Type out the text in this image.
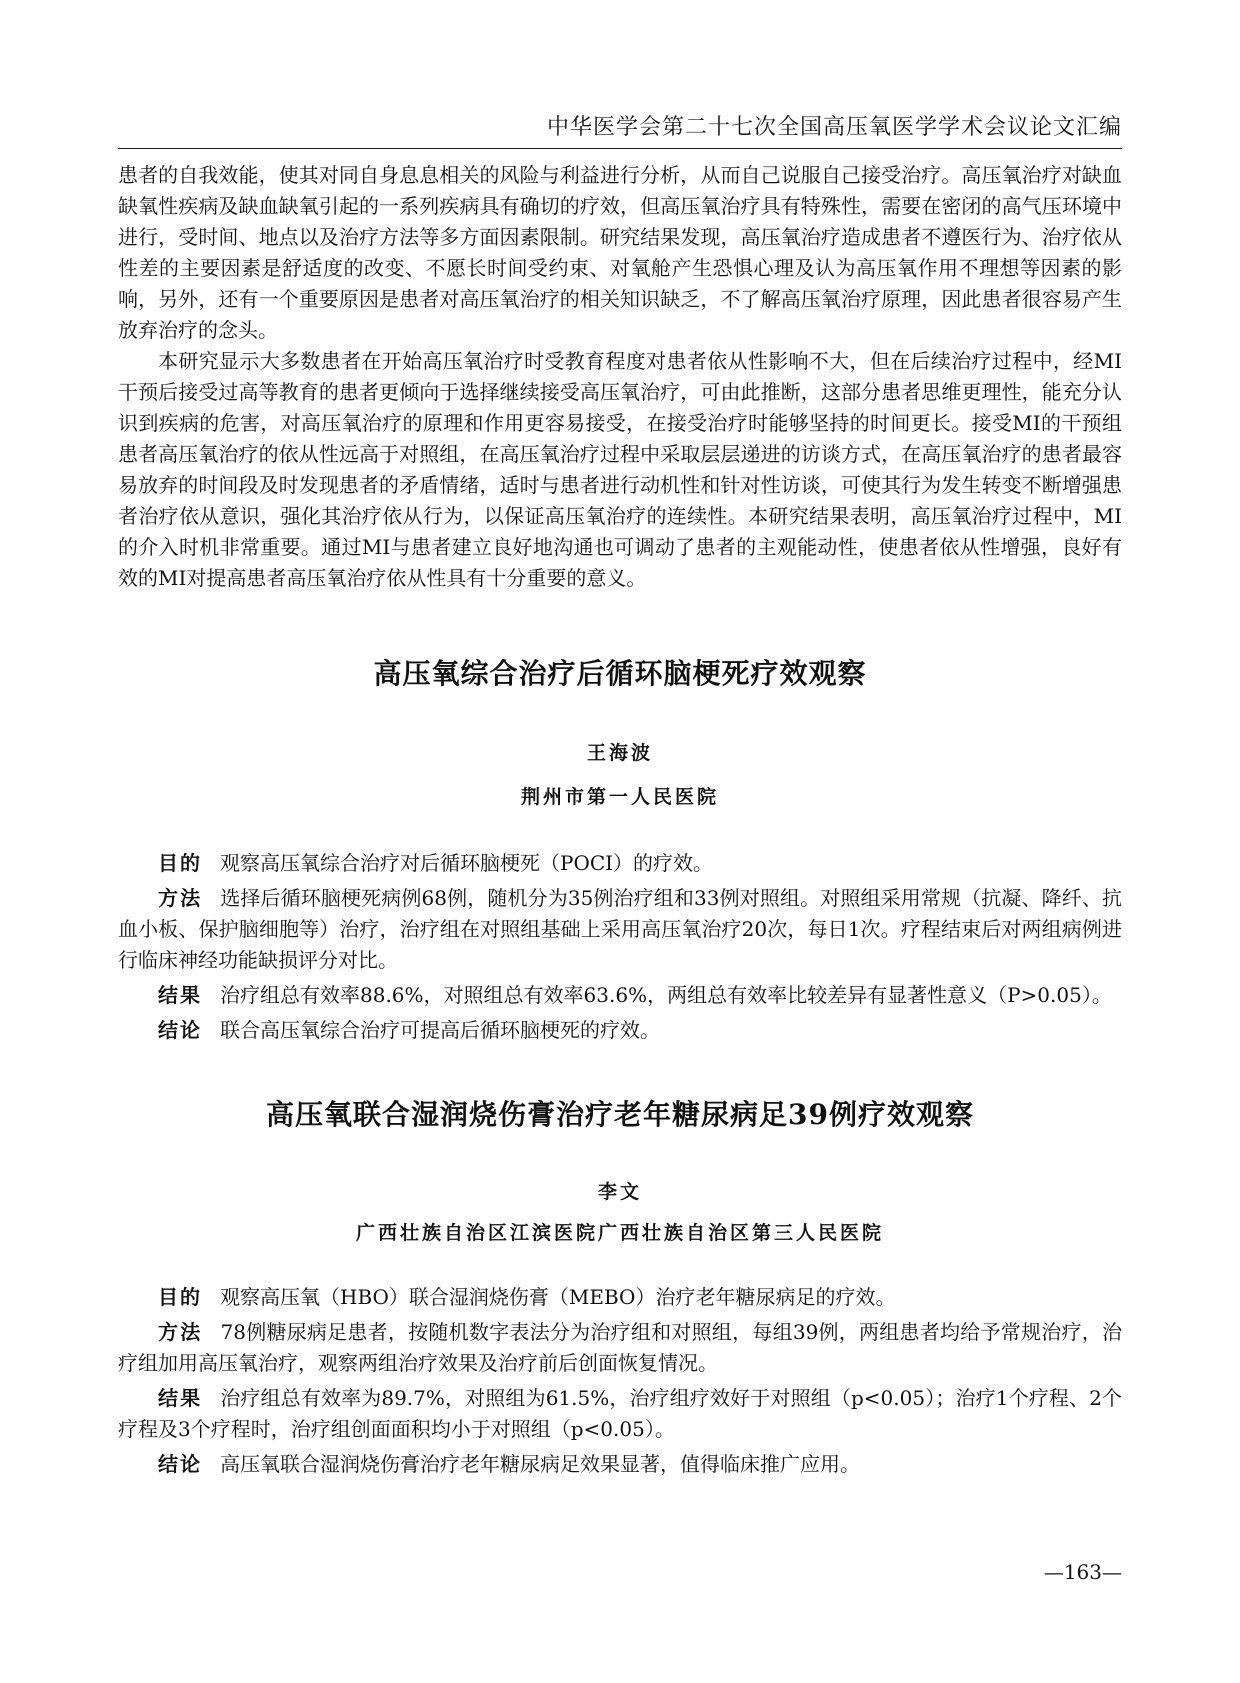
中华医学会第二十七次全国高压氧医学学术会议论文汇编

患者的自我效能，使其对同自身息息相关的风险与利益进行分析，从而自己说服自己接受治疗。高压氧治疗对缺血缺氧性疾病及缺血缺氧引起的一系列疾病具有确切的疗效，但高压氧治疗具有特殊性，需要在密闭的高气压环境中进行，受时间、地点以及治疗方法等多方面因素限制。研究结果发现，高压氧治疗造成患者不遵医行为、治疗依从性差的主要因素是舒适度的改变、不愿长时间受约束、对氧舱产生恐惧心理及认为高压氧作用不理想等因素的影响，另外，还有一个重要原因是患者对高压氧治疗的相关知识缺乏，不了解高压氧治疗原理，因此患者很容易产生放弃治疗的念头。

本研究显示大多数患者在开始高压氧治疗时受教育程度对患者依从性影响不大，但在后续治疗过程中，经MI干预后接受过高等教育的患者更倾向于选择继续接受高压氧治疗，可由此推断，这部分患者思维更理性，能充分认识到疾病的危害，对高压氧治疗的原理和作用更容易接受，在接受治疗时能够坚持的时间更长。接受MI的干预组患者高压氧治疗的依从性远高于对照组，在高压氧治疗过程中采取层层递进的访谈方式，在高压氧治疗的患者最容易放弃的时间段及时发现患者的矛盾情绪，适时与患者进行动机性和针对性访谈，可使其行为发生转变不断增强患者治疗依从意识，强化其治疗依从行为，以保证高压氧治疗的连续性。本研究结果表明，高压氧治疗过程中，MI的介入时机非常重要。通过MI与患者建立良好地沟通也可调动了患者的主观能动性，使患者依从性增强，良好有效的MI对提高患者高压氧治疗依从性具有十分重要的意义。

高压氧综合治疗后循环脑梗死疗效观察
王海波
荆州市第一人民医院

目的 观察高压氧综合治疗对后循环脑梗死（POCI）的疗效。

方法 选择后循环脑梗死病例68例，随机分为35例治疗组和33例对照组。对照组采用常规（抗凝、降纤、抗血小板、保护脑细胞等）治疗，治疗组在对照组基础上采用高压氧治疗20次，每日1次。疗程结束后对两组病例进行临床神经功能缺损评分对比。

结果 治疗组总有效率88.6%，对照组总有效率63.6%，两组总有效率比较差异有显著性意义（P>0.05）。

结论 联合高压氧综合治疗可提高后循环脑梗死的疗效。

高压氧联合湿润烧伤膏治疗老年糖尿病足39例疗效观察
李文
广西壮族自治区江滨医院广西壮族自治区第三人民医院

目的 观察高压氧（HBO）联合湿润烧伤膏（MEBO）治疗老年糖尿病足的疗效。

方法 78例糖尿病足患者，按随机数字表法分为治疗组和对照组，每组39例，两组患者均给予常规治疗，治疗组加用高压氧治疗，观察两组治疗效果及治疗前后创面恢复情况。

结果 治疗组总有效率为89.7%，对照组为61.5%，治疗组疗效好于对照组（p<0.05）；治疗1个疗程、2个疗程及3个疗程时，治疗组创面面积均小于对照组（p<0.05）。

结论 高压氧联合湿润烧伤膏治疗老年糖尿病足效果显著，值得临床推广应用。

—163—
